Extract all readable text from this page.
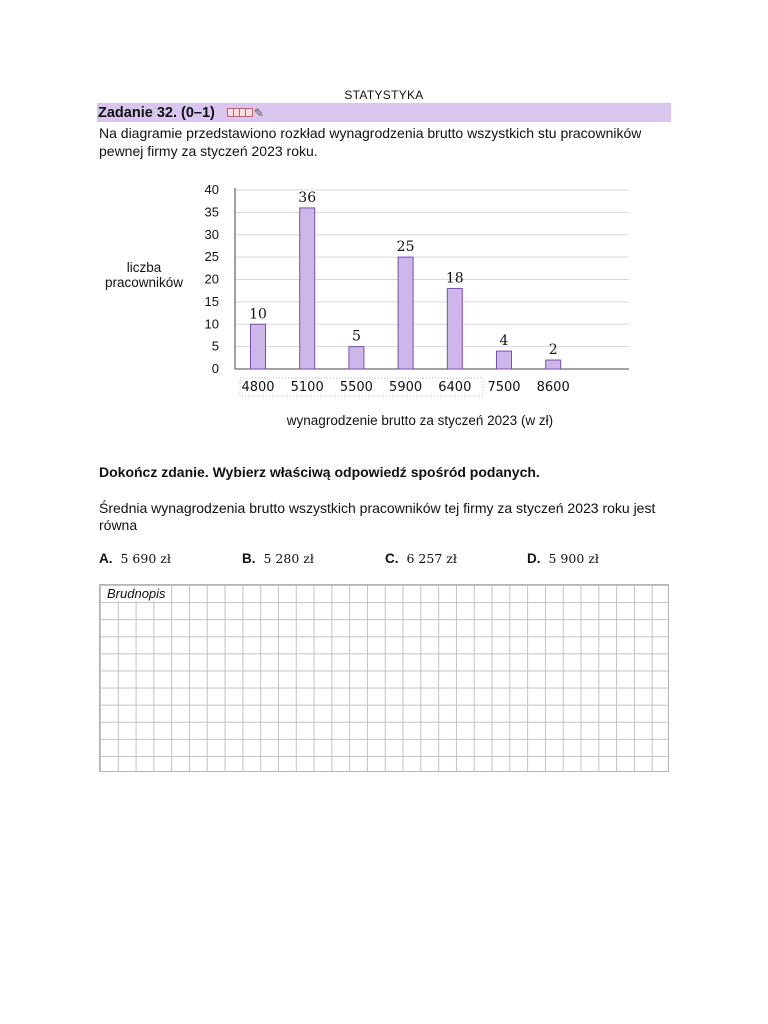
STATYSTYKA
Zadanie 32. (0–1)	✎
Na diagramie przedstawiono rozkład wynagrodzenia brutto wszystkich stu pracowników pewnej firmy za styczeń 2023 roku.
0
5
10
15
20
25
30
35
40
10
4800
36
5100
5
5500
25
5900
18
6400
4
7500
2
8600
liczba
pracowników
wynagrodzenie brutto za styczeń 2023 (w zł)
Dokończ zdanie. Wybierz właściwą odpowiedź spośród podanych.
Średnia wynagrodzenia brutto wszystkich pracowników tej firmy za styczeń 2023 roku jest równa
A. 5 690 zł	B. 5 280 zł	C. 6 257 zł	D. 5 900 zł
Brudnopis
